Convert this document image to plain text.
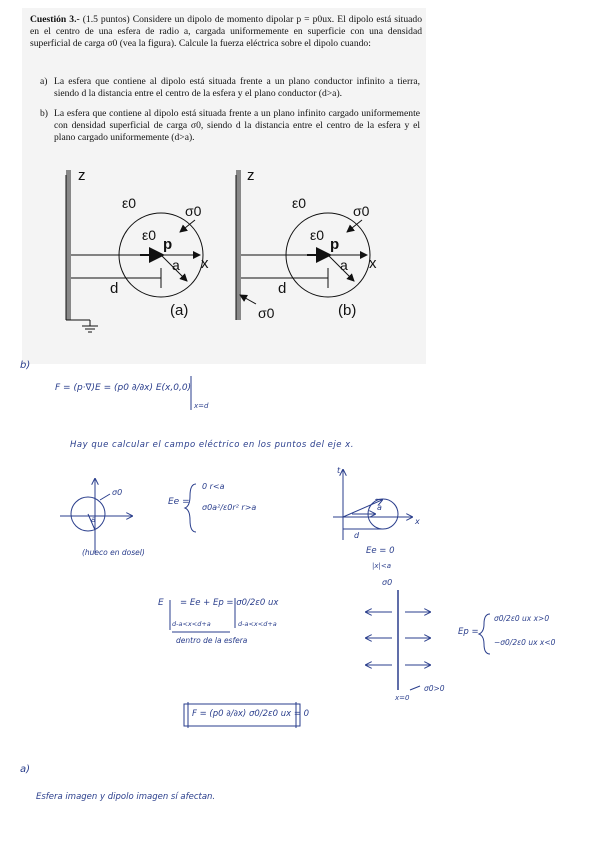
Cuestión 3.- (1.5 puntos) Considere un dipolo de momento dipolar p = p0ux. El dipolo está situado en el centro de una esfera de radio a, cargada uniformemente en superficie con una densidad superficial de carga σ0 (vea la figura). Calcule la fuerza eléctrica sobre el dipolo cuando:
a) La esfera que contiene al dipolo está situada frente a un plano conductor infinito a tierra, siendo d la distancia entre el centro de la esfera y el plano conductor (d>a).
b) La esfera que contiene al dipolo está situada frente a un plano infinito cargado uniformemente con densidad superficial de carga σ0, siendo d la distancia entre el centro de la esfera y el plano cargado uniformemente (d>a).
z
ε0	σ0
ε0
p
a x
d
(a)
z
ε0	σ0
ε0
p
a x
d
(b)
σ0
b)
F = (p·∇)E = (p0 ∂/∂x) E(x,0,0)
x=d
Hay que calcular el campo eléctrico en los puntos del eje x.
σ0
a
(hueco en dosel)
Ee =
0 r<a
σ0a²/ε0r² r>a
t
a
x
d
Ee = 0
|x|<a
E = Ee + Ep = σ0/2ε0 ux
d-a<x<d+a	d-a<x<d+a
dentro de la esfera
σ0
x=0
σ0>0
Ep =
σ0/2ε0 ux x>0
−σ0/2ε0 ux x<0
F = (p0 ∂/∂x) σ0/2ε0 ux = 0
a)
Esfera imagen y dipolo imagen sí afectan.
